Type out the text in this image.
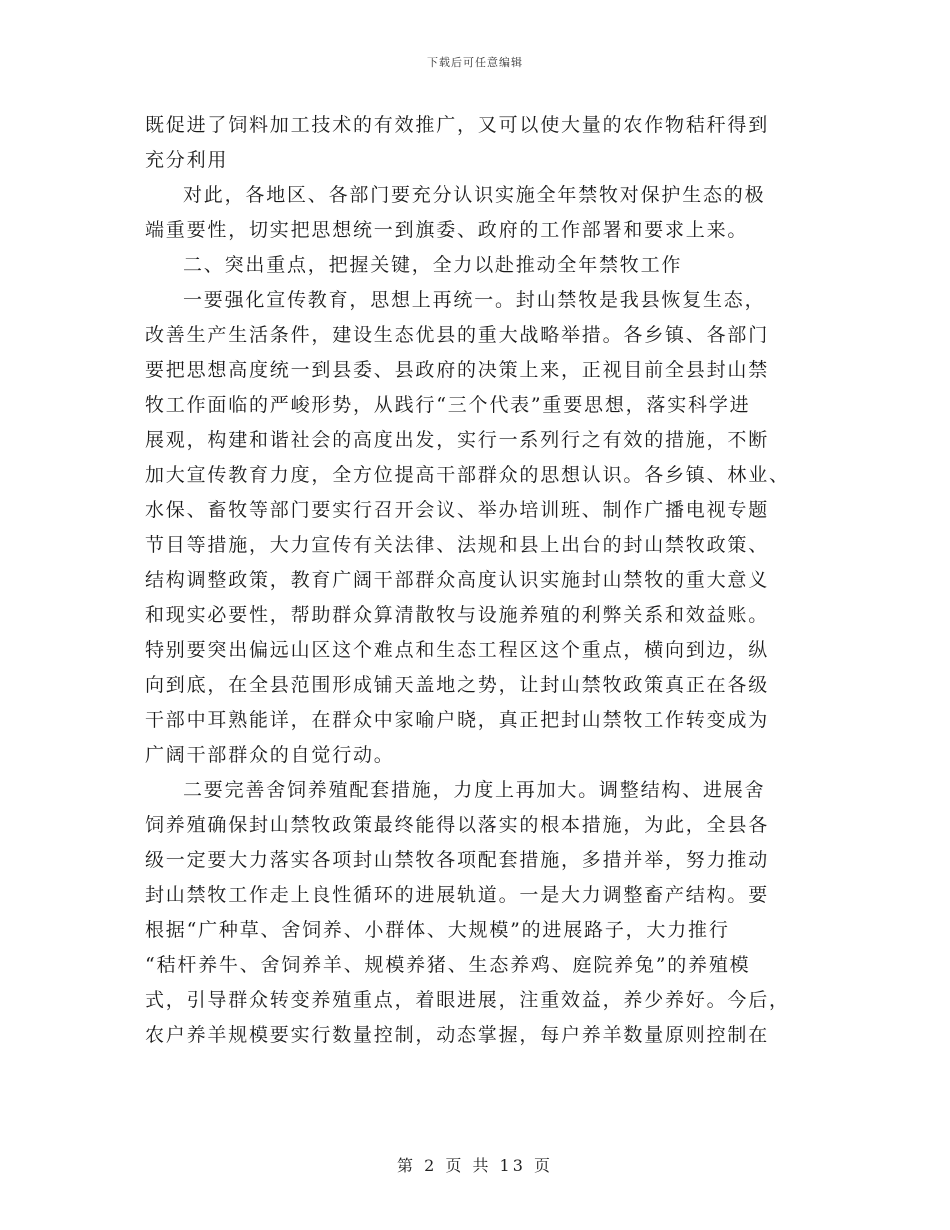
下载后可任意编辑
既促进了饲料加工技术的有效推广，又可以使大量的农作物秸秆得到
充分利用
对此，各地区、各部门要充分认识实施全年禁牧对保护生态的极
端重要性，切实把思想统一到旗委、政府的工作部署和要求上来。
二、突出重点，把握关键，全力以赴推动全年禁牧工作
一要强化宣传教育，思想上再统一。封山禁牧是我县恢复生态，
改善生产生活条件，建设生态优县的重大战略举措。各乡镇、各部门
要把思想高度统一到县委、县政府的决策上来，正视目前全县封山禁
牧工作面临的严峻形势，从践行“三个代表”重要思想，落实科学进
展观，构建和谐社会的高度出发，实行一系列行之有效的措施，不断
加大宣传教育力度，全方位提高干部群众的思想认识。各乡镇、林业、
水保、畜牧等部门要实行召开会议、举办培训班、制作广播电视专题
节目等措施，大力宣传有关法律、法规和县上出台的封山禁牧政策、
结构调整政策，教育广阔干部群众高度认识实施封山禁牧的重大意义
和现实必要性，帮助群众算清散牧与设施养殖的利弊关系和效益账。
特别要突出偏远山区这个难点和生态工程区这个重点，横向到边，纵
向到底，在全县范围形成铺天盖地之势，让封山禁牧政策真正在各级
干部中耳熟能详，在群众中家喻户晓，真正把封山禁牧工作转变成为
广阔干部群众的自觉行动。
二要完善舍饲养殖配套措施，力度上再加大。调整结构、进展舍
饲养殖确保封山禁牧政策最终能得以落实的根本措施，为此，全县各
级一定要大力落实各项封山禁牧各项配套措施，多措并举，努力推动
封山禁牧工作走上良性循环的进展轨道。一是大力调整畜产结构。要
根据“广种草、舍饲养、小群体、大规模”的进展路子，大力推行
“秸杆养牛、舍饲养羊、规模养猪、生态养鸡、庭院养兔”的养殖模
式，引导群众转变养殖重点，着眼进展，注重效益，养少养好。今后，
农户养羊规模要实行数量控制，动态掌握，每户养羊数量原则控制在
第 2 页 共 13 页
